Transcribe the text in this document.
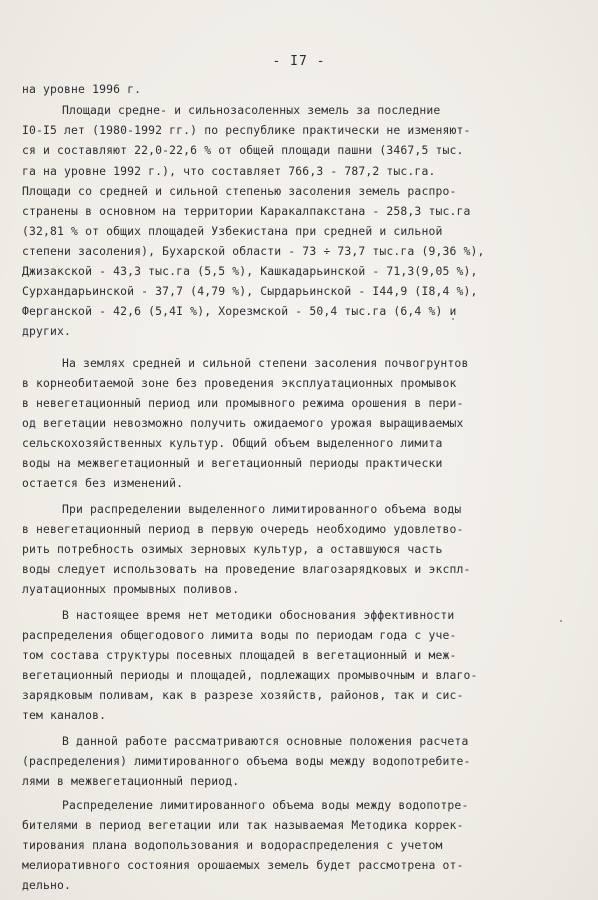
- I7 -

на уровне 1996 г.

Площади средне- и сильнозасоленных земель за последние

I0-I5 лет (1980-1992 гг.) по республике практически не изменяют-

ся и составляют 22,0-22,6 % от общей площади пашни (3467,5 тыс.

га на уровне 1992 г.), что составляет 766,3 - 787,2 тыс.га.

Площади со средней и сильной степенью засоления земель распро-

странены в основном на территории Каракалпакстана - 258,3 тыс.га

(32,81 % от общих площадей Узбекистана при средней и сильной

степени засоления), Бухарской области - 73 ÷ 73,7 тыс.га (9,36 %),

Джизакской - 43,3 тыс.га (5,5 %), Кашкадарьинской - 71,3(9,05 %),

Сурхандарьинской - 37,7 (4,79 %), Сырдарьинской - I44,9 (I8,4 %),

Ферганской - 42,6 (5,4I %), Хорезмской - 50,4 тыс.га (6,4 %) и

других.

На землях средней и сильной степени засоления почвогрунтов

в корнеобитаемой зоне без проведения эксплуатационных промывок

в невегетационный период или промывного режима орошения в пери-

од вегетации невозможно получить ожидаемого урожая выращиваемых

сельскохозяйственных культур. Общий объем выделенного лимита

воды на межвегетационный и вегетационный периоды практически

остается без изменений.

При распределении выделенного лимитированного объема воды

в невегетационный период в первую очередь необходимо удовлетво-

рить потребность озимых зерновых культур, а оставшуюся часть

воды следует использовать на проведение влагозарядковых и экспл-

луатационных промывных поливов.

В настоящее время нет методики обоснования эффективности

распределения общегодового лимита воды по периодам года с уче-

том состава структуры посевных площадей в вегетационный и меж-

вегетационный периоды и площадей, подлежащих промывочным и влаго-

зарядковым поливам, как в разрезе хозяйств, районов, так и сис-

тем каналов.

В данной работе рассматриваются основные положения расчета

(распределения) лимитированного объема воды между водопотребите-

лями в межвегетационный период.

Распределение лимитированного объема воды между водопотре-

бителями в период вегетации или так называемая Методика коррек-

тирования плана водопользования и водораспределения с учетом

мелиоративного состояния орошаемых земель будет рассмотрена от-

дельно.
